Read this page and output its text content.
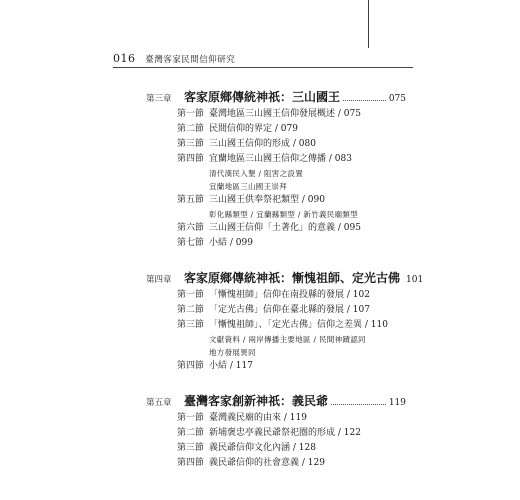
016 臺灣客家民間信仰研究
第三章	客家原鄉傳統神祇：三山國王	075
第一節 臺灣地區三山國王信仰發展概述 / 075
第二節 民間信仰的界定 / 079
第三節 三山國王信仰的形成 / 080
第四節 宜蘭地區三山國王信仰之傳播 / 083
清代漢民入墾 / 阻害之設置
宜蘭地區三山國王崇拜
第五節 三山國王供奉祭祀類型 / 090
彰化縣類型 / 宜蘭縣類型 / 新竹義民廟類型
第六節 三山國王信仰「土著化」的意義 / 095
第七節 小結 / 099
第四章	客家原鄉傳統神祇：慚愧祖師、定光古佛 101
第一節 「慚愧祖師」信仰在南投縣的發展 / 102
第二節 「定光古佛」信仰在臺北縣的發展 / 107
第三節 「慚愧祖師」、「定光古佛」信仰之差異 / 110
文獻資料 / 兩岸傳播主要地區 / 民間神蹟認同
地方發展異同
第四節 小結 / 117
第五章	臺灣客家創新神祇：義民爺	119
第一節 臺灣義民廟的由來 / 119
第二節 新埔褒忠亭義民爺祭祀圈的形成 / 122
第三節 義民爺信仰文化內涵 / 128
第四節 義民爺信仰的社會意義 / 129
